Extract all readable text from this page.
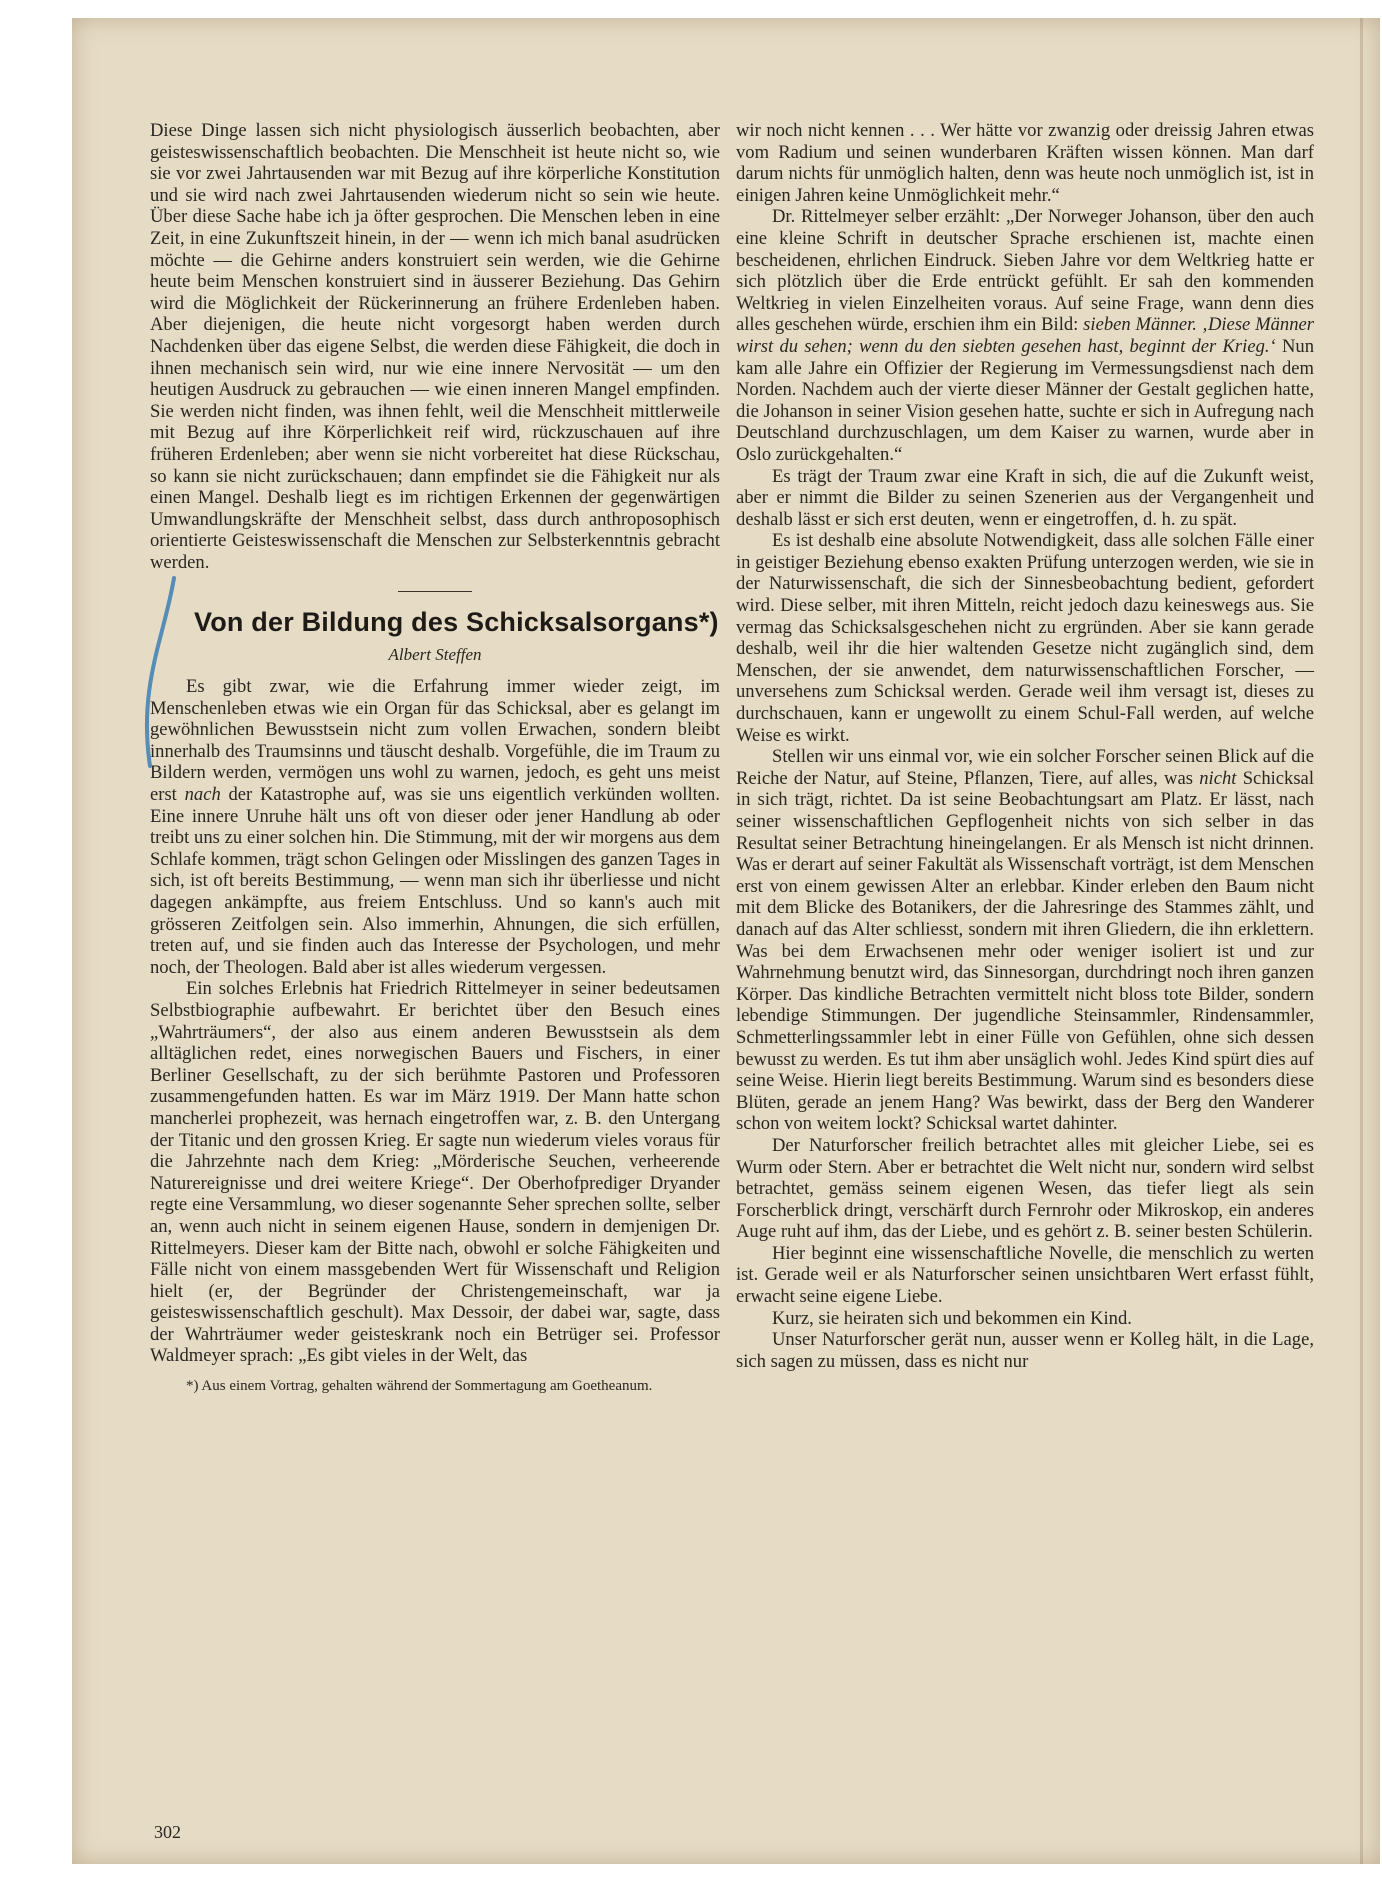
Diese Dinge lassen sich nicht physiologisch äusserlich beobachten, aber geisteswissenschaftlich beobachten. Die Menschheit ist heute nicht so, wie sie vor zwei Jahrtausenden war mit Bezug auf ihre körperliche Konstitution und sie wird nach zwei Jahrtausenden wiederum nicht so sein wie heute. Über diese Sache habe ich ja öfter gesprochen. Die Menschen leben in eine Zeit, in eine Zukunftszeit hinein, in der — wenn ich mich banal asudrücken möchte — die Gehirne anders konstruiert sein werden, wie die Gehirne heute beim Menschen konstruiert sind in äusserer Beziehung. Das Gehirn wird die Möglichkeit der Rückerinnerung an frühere Erdenleben haben. Aber diejenigen, die heute nicht vorgesorgt haben werden durch Nachdenken über das eigene Selbst, die werden diese Fähigkeit, die doch in ihnen mechanisch sein wird, nur wie eine innere Nervosität — um den heutigen Ausdruck zu gebrauchen — wie einen inneren Mangel empfinden. Sie werden nicht finden, was ihnen fehlt, weil die Menschheit mittlerweile mit Bezug auf ihre Körperlichkeit reif wird, rückzuschauen auf ihre früheren Erdenleben; aber wenn sie nicht vorbereitet hat diese Rückschau, so kann sie nicht zurückschauen; dann empfindet sie die Fähigkeit nur als einen Mangel. Deshalb liegt es im richtigen Erkennen der gegenwärtigen Umwandlungskräfte der Menschheit selbst, dass durch anthroposophisch orientierte Geisteswissenschaft die Menschen zur Selbsterkenntnis gebracht werden.

Von der Bildung des Schicksalsorgans*)
Albert Steffen

Es gibt zwar, wie die Erfahrung immer wieder zeigt, im Menschenleben etwas wie ein Organ für das Schicksal, aber es gelangt im gewöhnlichen Bewusstsein nicht zum vollen Erwachen, sondern bleibt innerhalb des Traumsinns und täuscht deshalb. Vorgefühle, die im Traum zu Bildern werden, vermögen uns wohl zu warnen, jedoch, es geht uns meist erst nach der Katastrophe auf, was sie uns eigentlich verkünden wollten. Eine innere Unruhe hält uns oft von dieser oder jener Handlung ab oder treibt uns zu einer solchen hin. Die Stimmung, mit der wir morgens aus dem Schlafe kommen, trägt schon Gelingen oder Misslingen des ganzen Tages in sich, ist oft bereits Bestimmung, — wenn man sich ihr überliesse und nicht dagegen ankämpfte, aus freiem Entschluss. Und so kann's auch mit grösseren Zeitfolgen sein. Also immerhin, Ahnungen, die sich erfüllen, treten auf, und sie finden auch das Interesse der Psychologen, und mehr noch, der Theologen. Bald aber ist alles wiederum vergessen.

Ein solches Erlebnis hat Friedrich Rittelmeyer in seiner bedeutsamen Selbstbiographie aufbewahrt. Er berichtet über den Besuch eines „Wahrträumers“, der also aus einem anderen Bewusstsein als dem alltäglichen redet, eines norwegischen Bauers und Fischers, in einer Berliner Gesellschaft, zu der sich berühmte Pastoren und Professoren zusammengefunden hatten. Es war im März 1919. Der Mann hatte schon mancherlei prophezeit, was hernach eingetroffen war, z. B. den Untergang der Titanic und den grossen Krieg. Er sagte nun wiederum vieles voraus für die Jahrzehnte nach dem Krieg: „Mörderische Seuchen, verheerende Naturereignisse und drei weitere Kriege“. Der Oberhofprediger Dryander regte eine Versammlung, wo dieser sogenannte Seher sprechen sollte, selber an, wenn auch nicht in seinem eigenen Hause, sondern in demjenigen Dr. Rittelmeyers. Dieser kam der Bitte nach, obwohl er solche Fähigkeiten und Fälle nicht von einem massgebenden Wert für Wissenschaft und Religion hielt (er, der Begründer der Christengemeinschaft, war ja geisteswissenschaftlich geschult). Max Dessoir, der dabei war, sagte, dass der Wahrträumer weder geisteskrank noch ein Betrüger sei. Professor Waldmeyer sprach: „Es gibt vieles in der Welt, das

*) Aus einem Vortrag, gehalten während der Sommertagung am Goetheanum.

wir noch nicht kennen . . . Wer hätte vor zwanzig oder dreissig Jahren etwas vom Radium und seinen wunderbaren Kräften wissen können. Man darf darum nichts für unmöglich halten, denn was heute noch unmöglich ist, ist in einigen Jahren keine Unmöglichkeit mehr.“

Dr. Rittelmeyer selber erzählt: „Der Norweger Johanson, über den auch eine kleine Schrift in deutscher Sprache erschienen ist, machte einen bescheidenen, ehrlichen Eindruck. Sieben Jahre vor dem Weltkrieg hatte er sich plötzlich über die Erde entrückt gefühlt. Er sah den kommenden Weltkrieg in vielen Einzelheiten voraus. Auf seine Frage, wann denn dies alles geschehen würde, erschien ihm ein Bild: sieben Männer. ‚Diese Männer wirst du sehen; wenn du den siebten gesehen hast, beginnt der Krieg.‘ Nun kam alle Jahre ein Offizier der Regierung im Vermessungsdienst nach dem Norden. Nachdem auch der vierte dieser Männer der Gestalt geglichen hatte, die Johanson in seiner Vision gesehen hatte, suchte er sich in Aufregung nach Deutschland durchzuschlagen, um dem Kaiser zu warnen, wurde aber in Oslo zurückgehalten.“

Es trägt der Traum zwar eine Kraft in sich, die auf die Zukunft weist, aber er nimmt die Bilder zu seinen Szenerien aus der Vergangenheit und deshalb lässt er sich erst deuten, wenn er eingetroffen, d. h. zu spät.

Es ist deshalb eine absolute Notwendigkeit, dass alle solchen Fälle einer in geistiger Beziehung ebenso exakten Prüfung unterzogen werden, wie sie in der Naturwissenschaft, die sich der Sinnesbeobachtung bedient, gefordert wird. Diese selber, mit ihren Mitteln, reicht jedoch dazu keineswegs aus. Sie vermag das Schicksalsgeschehen nicht zu ergründen. Aber sie kann gerade deshalb, weil ihr die hier waltenden Gesetze nicht zugänglich sind, dem Menschen, der sie anwendet, dem naturwissenschaftlichen Forscher, — unversehens zum Schicksal werden. Gerade weil ihm versagt ist, dieses zu durchschauen, kann er ungewollt zu einem Schul-Fall werden, auf welche Weise es wirkt.

Stellen wir uns einmal vor, wie ein solcher Forscher seinen Blick auf die Reiche der Natur, auf Steine, Pflanzen, Tiere, auf alles, was nicht Schicksal in sich trägt, richtet. Da ist seine Beobachtungsart am Platz. Er lässt, nach seiner wissenschaftlichen Gepflogenheit nichts von sich selber in das Resultat seiner Betrachtung hineingelangen. Er als Mensch ist nicht drinnen. Was er derart auf seiner Fakultät als Wissenschaft vorträgt, ist dem Menschen erst von einem gewissen Alter an erlebbar. Kinder erleben den Baum nicht mit dem Blicke des Botanikers, der die Jahresringe des Stammes zählt, und danach auf das Alter schliesst, sondern mit ihren Gliedern, die ihn erklettern. Was bei dem Erwachsenen mehr oder weniger isoliert ist und zur Wahrnehmung benutzt wird, das Sinnesorgan, durchdringt noch ihren ganzen Körper. Das kindliche Betrachten vermittelt nicht bloss tote Bilder, sondern lebendige Stimmungen. Der jugendliche Steinsammler, Rindensammler, Schmetterlingssammler lebt in einer Fülle von Gefühlen, ohne sich dessen bewusst zu werden. Es tut ihm aber unsäglich wohl. Jedes Kind spürt dies auf seine Weise. Hierin liegt bereits Bestimmung. Warum sind es besonders diese Blüten, gerade an jenem Hang? Was bewirkt, dass der Berg den Wanderer schon von weitem lockt? Schicksal wartet dahinter.

Der Naturforscher freilich betrachtet alles mit gleicher Liebe, sei es Wurm oder Stern. Aber er betrachtet die Welt nicht nur, sondern wird selbst betrachtet, gemäss seinem eigenen Wesen, das tiefer liegt als sein Forscherblick dringt, verschärft durch Fernrohr oder Mikroskop, ein anderes Auge ruht auf ihm, das der Liebe, und es gehört z. B. seiner besten Schülerin.

Hier beginnt eine wissenschaftliche Novelle, die menschlich zu werten ist. Gerade weil er als Naturforscher seinen unsichtbaren Wert erfasst fühlt, erwacht seine eigene Liebe.

Kurz, sie heiraten sich und bekommen ein Kind.

Unser Naturforscher gerät nun, ausser wenn er Kolleg hält, in die Lage, sich sagen zu müssen, dass es nicht nur

302
